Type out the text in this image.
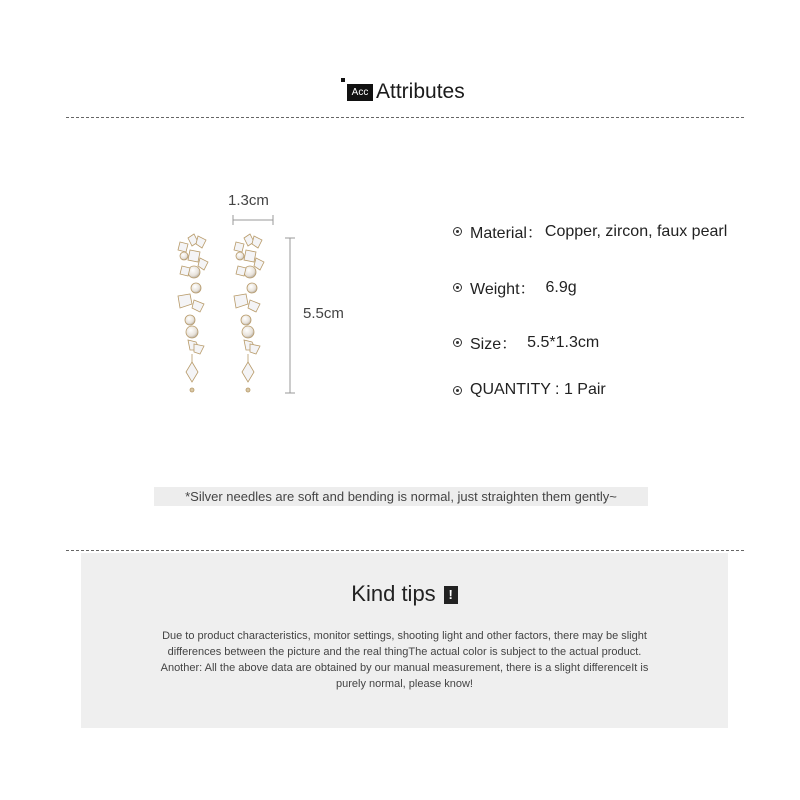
Acc Attributes
1.3cm
5.5cm
Material： Copper, zircon, faux pearl
Weight： 6.9g
Size： 5.5*1.3cm
QUANTITY : 1 Pair
*Silver needles are soft and bending is normal, just straighten them gently~
Kind tips !
Due to product characteristics, monitor settings, shooting light and other factors, there may be slight
differences between the picture and the real thingThe actual color is subject to the actual product.
Another: All the above data are obtained by our manual measurement, there is a slight differenceIt is
purely normal, please know!
